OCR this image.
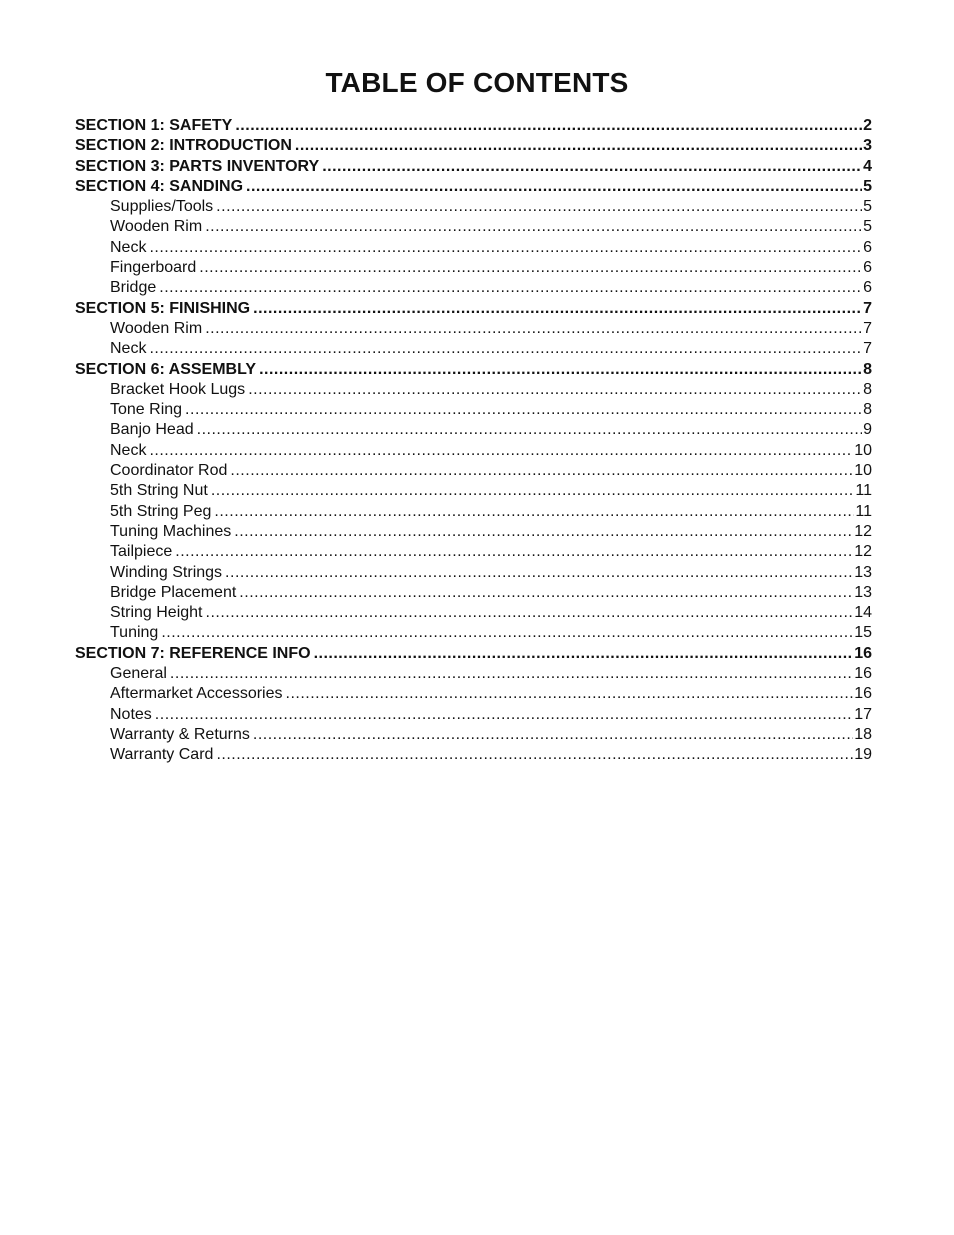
TABLE OF CONTENTS
SECTION 1: SAFETY .....	2
SECTION 2: INTRODUCTION .....	3
SECTION 3: PARTS INVENTORY .....	4
SECTION 4: SANDING .....	5
Supplies/Tools .....	5
Wooden Rim .....	5
Neck .....	6
Fingerboard .....	6
Bridge .....	6
SECTION 5: FINISHING .....	7
Wooden Rim .....	7
Neck .....	7
SECTION 6: ASSEMBLY .....	8
Bracket Hook Lugs .....	8
Tone Ring .....	8
Banjo Head .....	9
Neck .....	10
Coordinator Rod .....	10
5th String Nut .....	11
5th String Peg .....	11
Tuning Machines .....	12
Tailpiece .....	12
Winding Strings .....	13
Bridge Placement .....	13
String Height .....	14
Tuning .....	15
SECTION 7: REFERENCE INFO .....	16
General .....	16
Aftermarket Accessories .....	16
Notes .....	17
Warranty & Returns .....	18
Warranty Card .....	19
